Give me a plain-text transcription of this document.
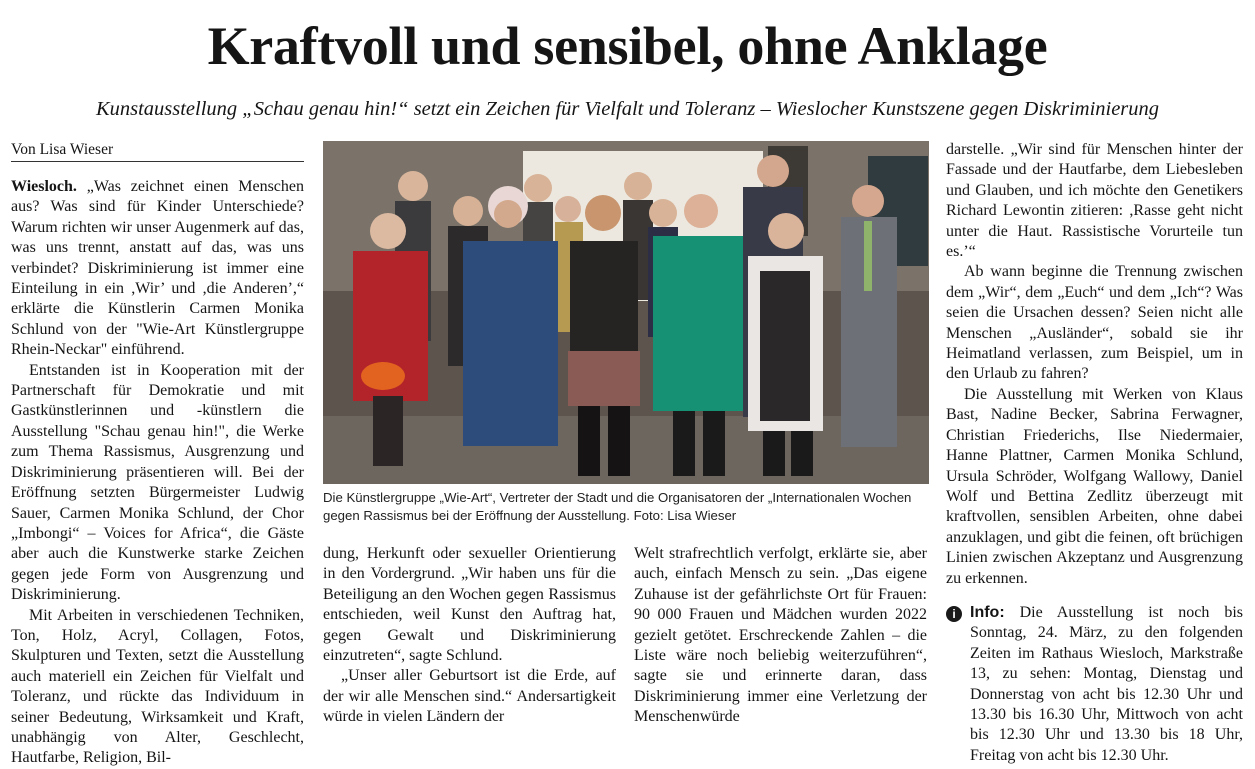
Kraftvoll und sensibel, ohne Anklage
Kunstausstellung „Schau genau hin!“ setzt ein Zeichen für Vielfalt und Toleranz – Wieslocher Kunstszene gegen Diskriminierung
Von Lisa Wieser

Wiesloch. „Was zeichnet einen Menschen aus? Was sind für Kinder Unterschiede? Warum richten wir unser Augenmerk auf das, was uns trennt, anstatt auf das, was uns verbindet? Diskriminierung ist immer eine Einteilung in ein ,Wir’ und ,die Anderen’,“ erklärte die Künstlerin Carmen Monika Schlund von der "Wie-Art Künstlergruppe Rhein-Neckar" einführend.

Entstanden ist in Kooperation mit der Partnerschaft für Demokratie und mit Gastkünstlerinnen und -künstlern die Ausstellung "Schau genau hin!", die Werke zum Thema Rassismus, Ausgrenzung und Diskriminierung präsentieren will. Bei der Eröffnung setzten Bürgermeister Ludwig Sauer, Carmen Monika Schlund, der Chor „Imbongi“ – Voices for Africa“, die Gäste aber auch die Kunstwerke starke Zeichen gegen jede Form von Ausgrenzung und Diskriminierung.

Mit Arbeiten in verschiedenen Techniken, Ton, Holz, Acryl, Collagen, Fotos, Skulpturen und Texten, setzt die Ausstellung auch materiell ein Zeichen für Vielfalt und Toleranz, und rückte das Individuum in seiner Bedeutung, Wirksamkeit und Kraft, unabhängig von Alter, Geschlecht, Hautfarbe, Religion, Bil-

Die Künstlergruppe „Wie-Art“, Vertreter der Stadt und die Organisatoren der „Internationalen Wochen gegen Rassismus bei der Eröffnung der Ausstellung. Foto: Lisa Wieser

dung, Herkunft oder sexueller Orientierung in den Vordergrund. „Wir haben uns für die Beteiligung an den Wochen gegen Rassismus entschieden, weil Kunst den Auftrag hat, gegen Gewalt und Diskriminierung einzutreten“, sagte Schlund.

„Unser aller Geburtsort ist die Erde, auf der wir alle Menschen sind.“ Andersartigkeit würde in vielen Ländern der

Welt strafrechtlich verfolgt, erklärte sie, aber auch, einfach Mensch zu sein. „Das eigene Zuhause ist der gefährlichste Ort für Frauen: 90 000 Frauen und Mädchen wurden 2022 gezielt getötet. Erschreckende Zahlen – die Liste wäre noch beliebig weiterzuführen“, sagte sie und erinnerte daran, dass Diskriminierung immer eine Verletzung der Menschenwürde

darstelle. „Wir sind für Menschen hinter der Fassade und der Hautfarbe, dem Liebesleben und Glauben, und ich möchte den Genetikers Richard Lewontin zitieren: ,Rasse geht nicht unter die Haut. Rassistische Vorurteile tun es.’“

Ab wann beginne die Trennung zwischen dem „Wir“, dem „Euch“ und dem „Ich“? Was seien die Ursachen dessen? Seien nicht alle Menschen „Ausländer“, sobald sie ihr Heimatland verlassen, zum Beispiel, um in den Urlaub zu fahren?

Die Ausstellung mit Werken von Klaus Bast, Nadine Becker, Sabrina Ferwagner, Christian Friederichs, Ilse Niedermaier, Hanne Plattner, Carmen Monika Schlund, Ursula Schröder, Wolfgang Wallowy, Daniel Wolf und Bettina Zedlitz überzeugt mit kraftvollen, sensiblen Arbeiten, ohne dabei anzuklagen, und gibt die feinen, oft brüchigen Linien zwischen Akzeptanz und Ausgrenzung zu erkennen.

i Info: Die Ausstellung ist noch bis Sonntag, 24. März, zu den folgenden Zeiten im Rathaus Wiesloch, Markstraße 13, zu sehen: Montag, Dienstag und Donnerstag von acht bis 12.30 Uhr und 13.30 bis 16.30 Uhr, Mittwoch von acht bis 12.30 Uhr und 13.30 bis 18 Uhr, Freitag von acht bis 12.30 Uhr.
